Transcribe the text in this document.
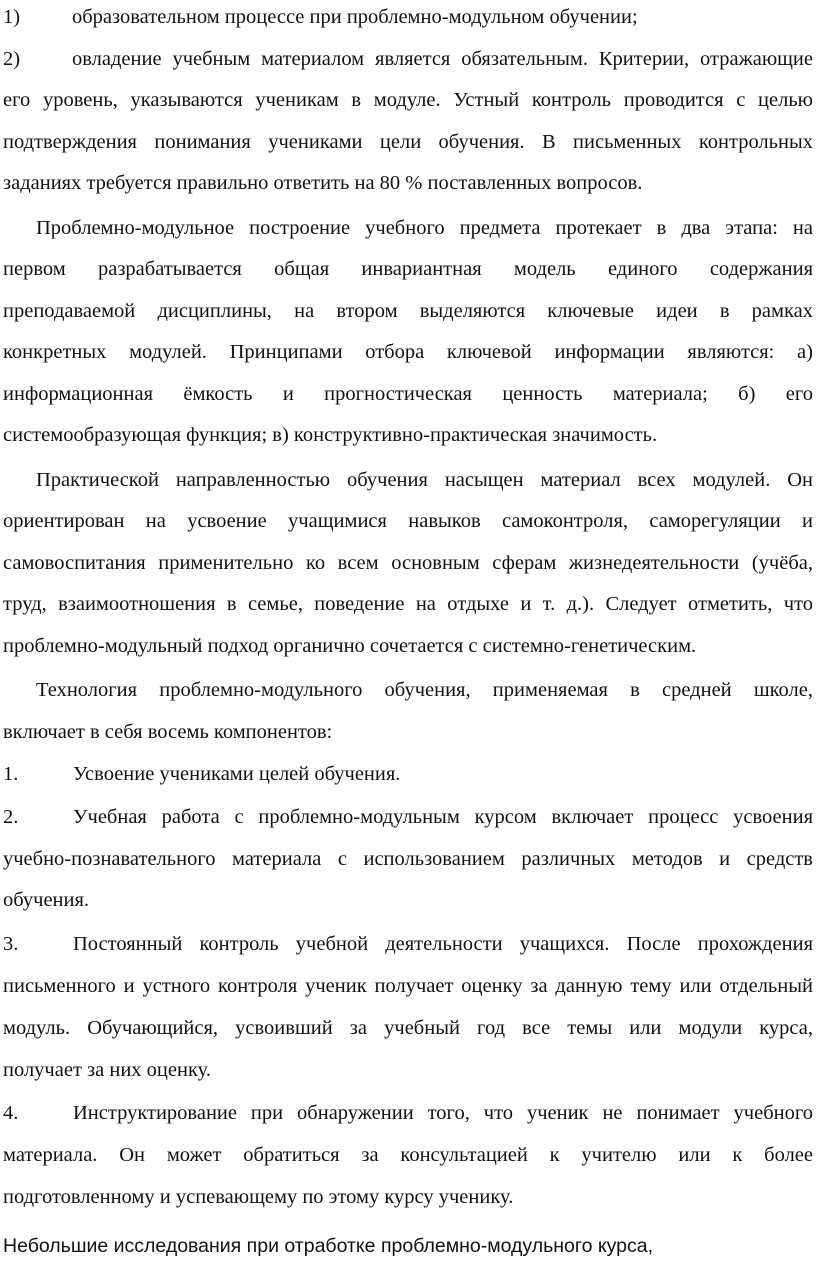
1)	образовательном процессе при проблемно-модульном обучении;
2)	овладение учебным материалом является обязательным. Критерии, отражающие
его уровень, указываются ученикам в модуле. Устный контроль проводится с целью
подтверждения понимания учениками цели обучения. В письменных контрольных
заданиях требуется правильно ответить на 80 % поставленных вопросов.
Проблемно-модульное построение учебного предмета протекает в два этапа: на
первом разрабатывается общая инвариантная модель единого содержания
преподаваемой дисциплины, на втором выделяются ключевые идеи в рамках
конкретных модулей. Принципами отбора ключевой информации являются: а)
информационная ёмкость и прогностическая ценность материала; б) его
системообразующая функция; в) конструктивно-практическая значимость.
Практической направленностью обучения насыщен материал всех модулей. Он
ориентирован на усвоение учащимися навыков самоконтроля, саморегуляции и
самовоспитания применительно ко всем основным сферам жизнедеятельности (учёба,
труд, взаимоотношения в семье, поведение на отдыхе и т. д.). Следует отметить, что
проблемно-модульный подход органично сочетается с системно-генетическим.
Технология проблемно-модульного обучения, применяемая в средней школе,
включает в себя восемь компонентов:
1.	Усвоение учениками целей обучения.
2.	Учебная работа с проблемно-модульным курсом включает процесс усвоения
учебно-познавательного материала с использованием различных методов и средств
обучения.
3.	Постоянный контроль учебной деятельности учащихся. После прохождения
письменного и устного контроля ученик получает оценку за данную тему или отдельный
модуль. Обучающийся, усвоивший за учебный год все темы или модули курса,
получает за них оценку.
4.	Инструктирование при обнаружении того, что ученик не понимает учебного
материала. Он может обратиться за консультацией к учителю или к более
подготовленному и успевающему по этому курсу ученику.
Небольшие исследования при отработке проблемно-модульного курса,
